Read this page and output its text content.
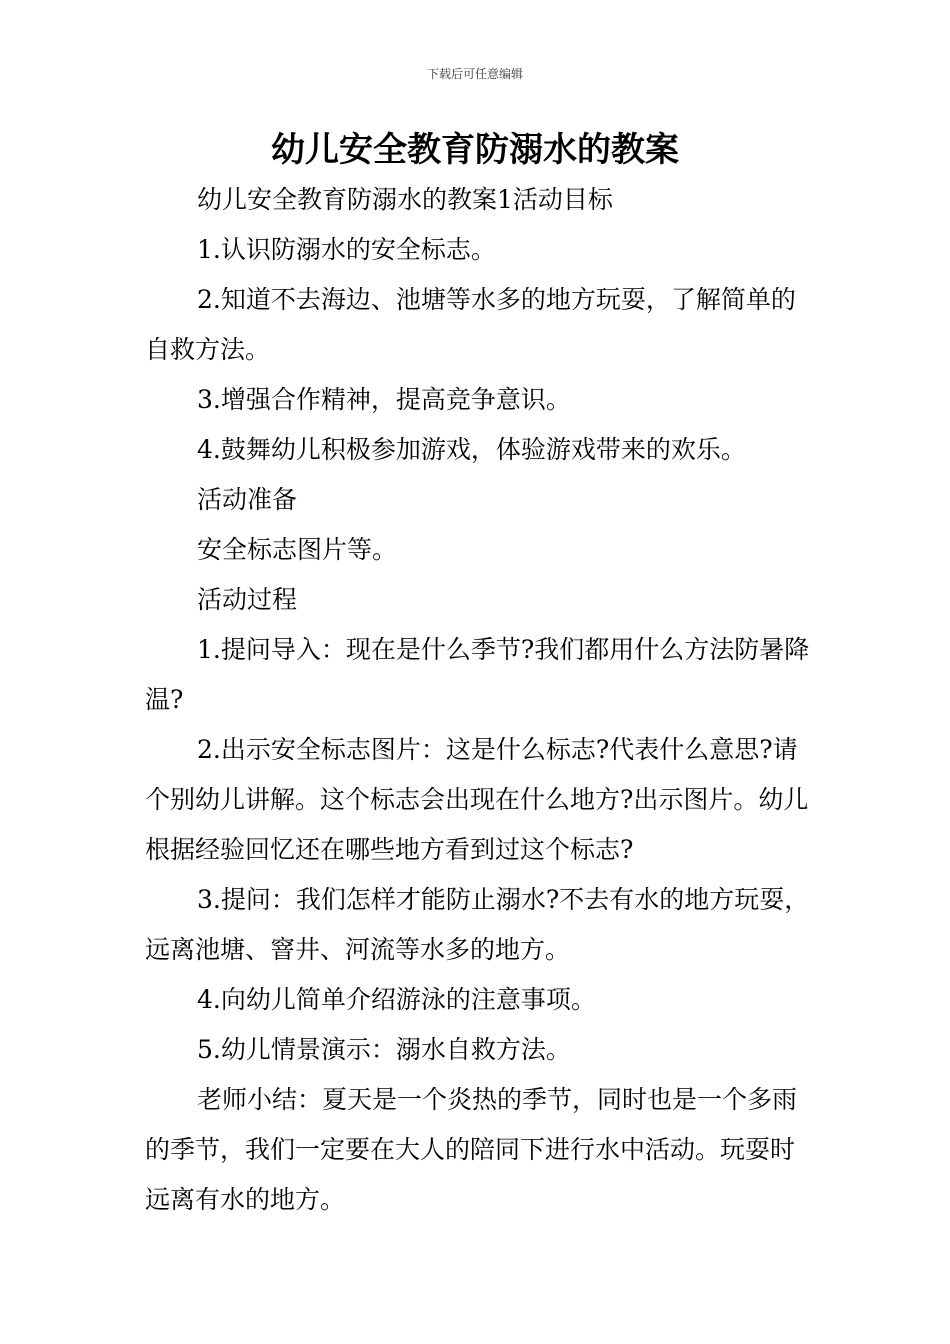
下载后可任意编辑
幼儿安全教育防溺水的教案

幼儿安全教育防溺水的教案1活动目标

1.认识防溺水的安全标志。

2.知道不去海边、池塘等水多的地方玩耍，了解简单的自救方法。

3.增强合作精神，提高竞争意识。

4.鼓舞幼儿积极参加游戏，体验游戏带来的欢乐。

活动准备

安全标志图片等。

活动过程

1.提问导入：现在是什么季节?我们都用什么方法防暑降温?

2.出示安全标志图片：这是什么标志?代表什么意思?请个别幼儿讲解。这个标志会出现在什么地方?出示图片。幼儿根据经验回忆还在哪些地方看到过这个标志?

3.提问：我们怎样才能防止溺水?不去有水的地方玩耍，远离池塘、窨井、河流等水多的地方。

4.向幼儿简单介绍游泳的注意事项。

5.幼儿情景演示：溺水自救方法。

老师小结：夏天是一个炎热的季节，同时也是一个多雨的季节，我们一定要在大人的陪同下进行水中活动。玩耍时远离有水的地方。
